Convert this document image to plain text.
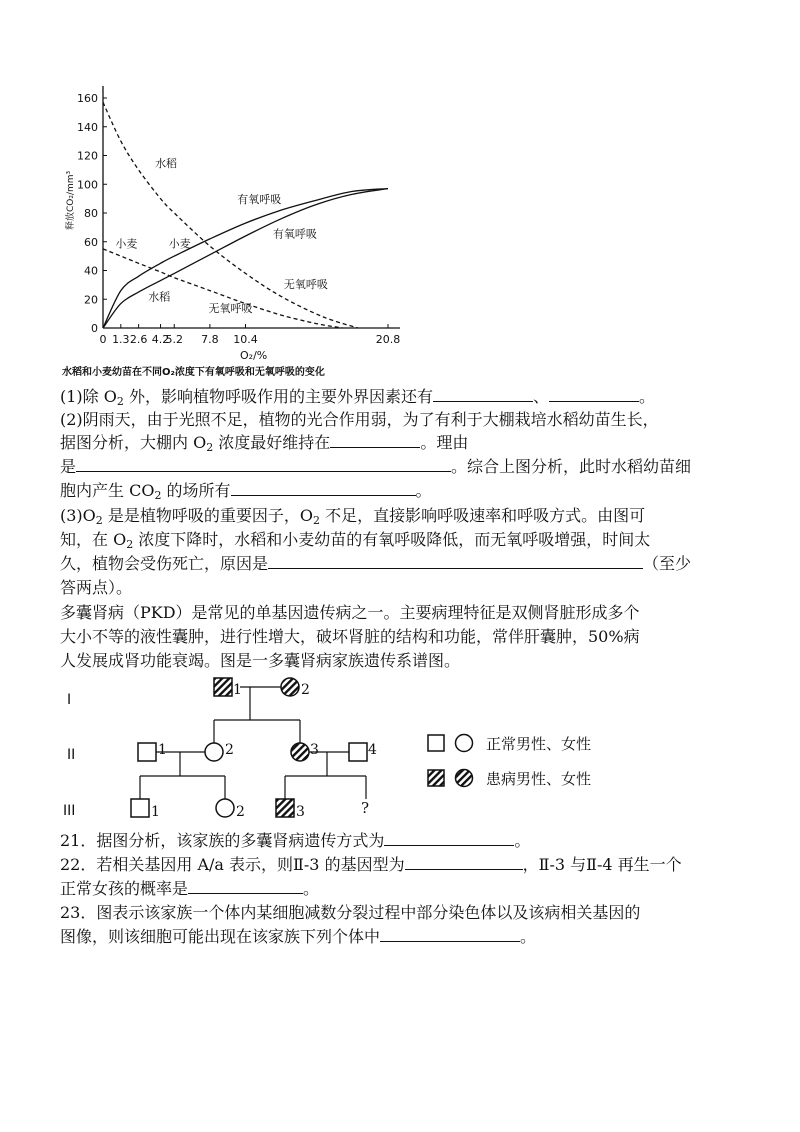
0
20
40
60
80
100
120
140
160
0 1.3 2.6 4.2
5.2 7.8 10.4	20.8
水稻
有氧呼吸
有氧呼吸
小麦	小麦
无氧呼吸
水稻
无氧呼吸
释放CO₂/mm³
O₂/%
水稻和小麦幼苗在不同O₂浓度下有氧呼吸和无氧呼吸的变化
(1)除 $O_2$ 外，影响植物呼吸作用的主要外界因素还有	、	。
(2)阴雨天，由于光照不足，植物的光合作用弱，为了有利于大棚栽培水稻幼苗生长，
据图分析，大棚内 $O_2$ 浓度最好维持在	。理由
是	。综合上图分析，此时水稻幼苗细
胞内产生 $CO_2$ 的场所有	。
$(3)O_2$ 是是植物呼吸的重要因子，$O_2$ 不足，直接影响呼吸速率和呼吸方式。由图可
知，在 $O_2$ 浓度下降时，水稻和小麦幼苗的有氧呼吸降低，而无氧呼吸增强，时间太
久，植物会受伤死亡，原因是	（至少
答两点）。
多囊肾病（PKD）是常见的单基因遗传病之一。主要病理特征是双侧肾脏形成多个
大小不等的液性囊肿，进行性增大，破坏肾脏的结构和功能，常伴肝囊肿，50%病
人发展成肾功能衰竭。图是一多囊肾病家族遗传系谱图。
I
II
III
1	2
1	2	3	4
1	2	3	?
正常男性、女性
患病男性、女性
21．据图分析，该家族的多囊肾病遗传方式为	。
22．若相关基因用 A/a 表示，则Ⅱ-3 的基因型为	，Ⅱ-3 与Ⅱ-4 再生一个
正常女孩的概率是	。
23．图表示该家族一个体内某细胞减数分裂过程中部分染色体以及该病相关基因的
图像，则该细胞可能出现在该家族下列个体中	。
